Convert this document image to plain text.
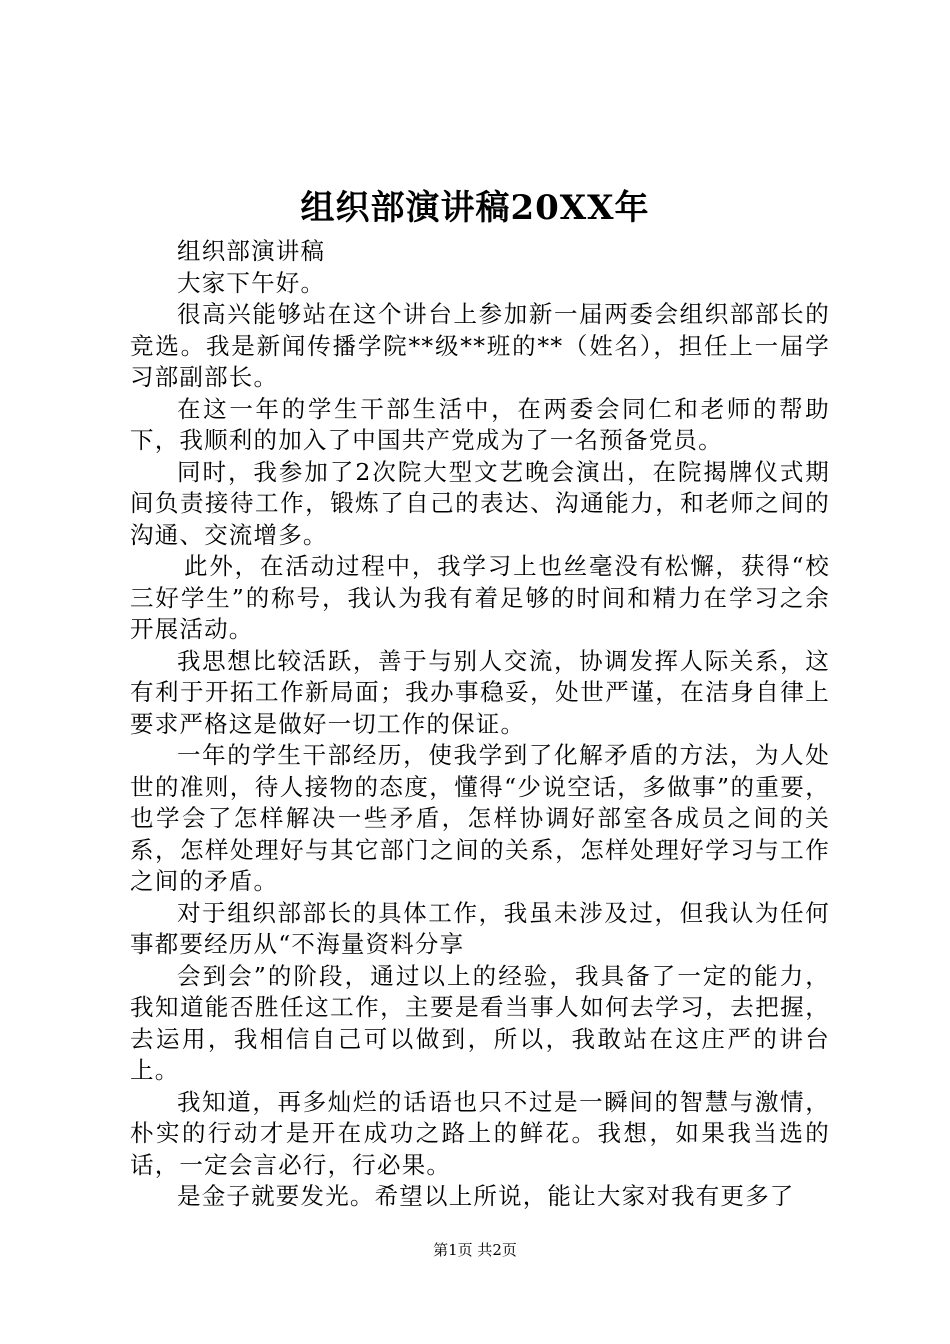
组织部演讲稿20XX年

组织部演讲稿

大家下午好。

很高兴能够站在这个讲台上参加新一届两委会组织部部长的竞选。我是新闻传播学院**级**班的**（姓名），担任上一届学习部副部长。

在这一年的学生干部生活中，在两委会同仁和老师的帮助下，我顺利的加入了中国共产党成为了一名预备党员。

同时，我参加了2次院大型文艺晚会演出，在院揭牌仪式期间负责接待工作，锻炼了自己的表达、沟通能力，和老师之间的沟通、交流增多。

此外，在活动过程中，我学习上也丝毫没有松懈，获得“校三好学生”的称号，我认为我有着足够的时间和精力在学习之余开展活动。

我思想比较活跃，善于与别人交流，协调发挥人际关系，这有利于开拓工作新局面；我办事稳妥，处世严谨，在洁身自律上要求严格这是做好一切工作的保证。

一年的学生干部经历，使我学到了化解矛盾的方法，为人处世的准则，待人接物的态度，懂得“少说空话，多做事”的重要，也学会了怎样解决一些矛盾，怎样协调好部室各成员之间的关系，怎样处理好与其它部门之间的关系，怎样处理好学习与工作之间的矛盾。

对于组织部部长的具体工作，我虽未涉及过，但我认为任何事都要经历从“不海量资料分享

会到会”的阶段，通过以上的经验，我具备了一定的能力，我知道能否胜任这工作，主要是看当事人如何去学习，去把握，去运用，我相信自己可以做到，所以，我敢站在这庄严的讲台上。

我知道，再多灿烂的话语也只不过是一瞬间的智慧与激情，朴实的行动才是开在成功之路上的鲜花。我想，如果我当选的话，一定会言必行，行必果。

是金子就要发光。希望以上所说，能让大家对我有更多了

第1页 共2页
